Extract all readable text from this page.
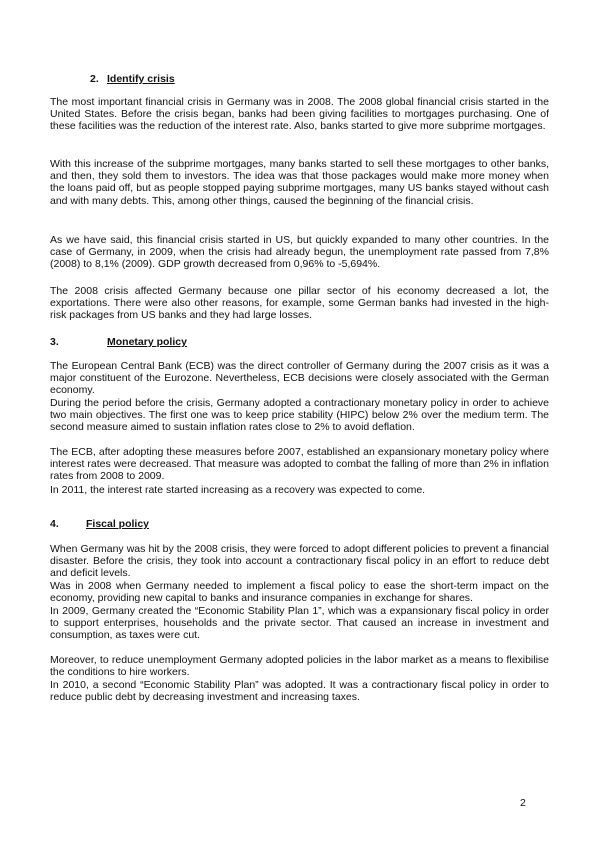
2. Identify crisis

The most important financial crisis in Germany was in 2008. The 2008 global financial crisis started in the United States. Before the crisis began, banks had been giving facilities to mortgages purchasing. One of these facilities was the reduction of the interest rate. Also, banks started to give more subprime mortgages.

With this increase of the subprime mortgages, many banks started to sell these mortgages to other banks, and then, they sold them to investors. The idea was that those packages would make more money when the loans paid off, but as people stopped paying subprime mortgages, many US banks stayed without cash and with many debts. This, among other things, caused the beginning of the financial crisis.

As we have said, this financial crisis started in US, but quickly expanded to many other countries. In the case of Germany, in 2009, when the crisis had already begun, the unemployment rate passed from 7,8% (2008) to 8,1% (2009). GDP growth decreased from 0,96% to -5,694%.

The 2008 crisis affected Germany because one pillar sector of his economy decreased a lot, the exportations. There were also other reasons, for example, some German banks had invested in the high-risk packages from US banks and they had large losses.

3.	Monetary policy

The European Central Bank (ECB) was the direct controller of Germany during the 2007 crisis as it was a major constituent of the Eurozone. Nevertheless, ECB decisions were closely associated with the German economy.

During the period before the crisis, Germany adopted a contractionary monetary policy in order to achieve two main objectives. The first one was to keep price stability (HIPC) below 2% over the medium term. The second measure aimed to sustain inflation rates close to 2% to avoid deflation.

The ECB, after adopting these measures before 2007, established an expansionary monetary policy where interest rates were decreased. That measure was adopted to combat the falling of more than 2% in inflation rates from 2008 to 2009.

In 2011, the interest rate started increasing as a recovery was expected to come.

4.	Fiscal policy

When Germany was hit by the 2008 crisis, they were forced to adopt different policies to prevent a financial disaster. Before the crisis, they took into account a contractionary fiscal policy in an effort to reduce debt and deficit levels.

Was in 2008 when Germany needed to implement a fiscal policy to ease the short-term impact on the economy, providing new capital to banks and insurance companies in exchange for shares.

In 2009, Germany created the “Economic Stability Plan 1”, which was a expansionary fiscal policy in order to support enterprises, households and the private sector. That caused an increase in investment and consumption, as taxes were cut.

Moreover, to reduce unemployment Germany adopted policies in the labor market as a means to flexibilise the conditions to hire workers.

In 2010, a second “Economic Stability Plan” was adopted. It was a contractionary fiscal policy in order to reduce public debt by decreasing investment and increasing taxes.

2
